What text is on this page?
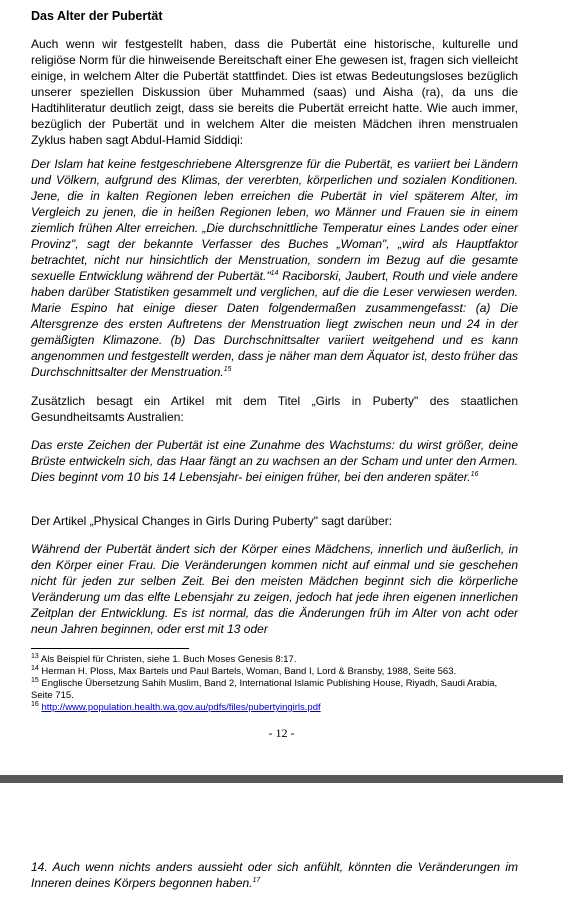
Das Alter der Pubertät

Auch wenn wir festgestellt haben, dass die Pubertät eine historische, kulturelle und religiöse Norm für die hinweisende Bereitschaft einer Ehe gewesen ist, fragen sich vielleicht einige, in welchem Alter die Pubertät stattfindet. Dies ist etwas Bedeutungsloses bezüglich unserer speziellen Diskussion über Muhammed (saas) und Aisha (ra), da uns die Hadtihliteratur deutlich zeigt, dass sie bereits die Pubertät erreicht hatte. Wie auch immer, bezüglich der Pubertät und in welchem Alter die meisten Mädchen ihren menstrualen Zyklus haben sagt Abdul-Hamid Siddiqi:

Der Islam hat keine festgeschriebene Altersgrenze für die Pubertät, es variiert bei Ländern und Völkern, aufgrund des Klimas, der vererbten, körperlichen und sozialen Konditionen. Jene, die in kalten Regionen leben erreichen die Pubertät in viel späterem Alter, im Vergleich zu jenen, die in heißen Regionen leben, wo Männer und Frauen sie in einem ziemlich frühen Alter erreichen. „Die durchschnittliche Temperatur eines Landes oder einer Provinz", sagt der bekannte Verfasser des Buches „Woman", „wird als Hauptfaktor betrachtet, nicht nur hinsichtlich der Menstruation, sondern im Bezug auf die gesamte sexuelle Entwicklung während der Pubertät."$^{14}$ Raciborski, Jaubert, Routh und viele andere haben darüber Statistiken gesammelt und verglichen, auf die die Leser verwiesen werden. Marie Espino hat einige dieser Daten folgendermaßen zusammengefasst: (a) Die Altersgrenze des ersten Auftretens der Menstruation liegt zwischen neun und 24 in der gemäßigten Klimazone. (b) Das Durchschnittsalter variiert weitgehend und es kann angenommen und festgestellt werden, dass je näher man dem Äquator ist, desto früher das Durchschnittsalter der Menstruation.$^{15}$

Zusätzlich besagt ein Artikel mit dem Titel „Girls in Puberty" des staatlichen Gesundheitsamts Australien:

Das erste Zeichen der Pubertät ist eine Zunahme des Wachstums: du wirst größer, deine Brüste entwickeln sich, das Haar fängt an zu wachsen an der Scham und unter den Armen. Dies beginnt vom 10 bis 14 Lebensjahr- bei einigen früher, bei den anderen später.$^{16}$

Der Artikel „Physical Changes in Girls During Puberty" sagt darüber:

Während der Pubertät ändert sich der Körper eines Mädchens, innerlich und äußerlich, in den Körper einer Frau. Die Veränderungen kommen nicht auf einmal und sie geschehen nicht für jeden zur selben Zeit. Bei den meisten Mädchen beginnt sich die körperliche Veränderung um das elfte Lebensjahr zu zeigen, jedoch hat jede ihren eigenen innerlichen Zeitplan der Entwicklung. Es ist normal, das die Änderungen früh im Alter von acht oder neun Jahren beginnen, oder erst mit 13 oder

$^{13}$ Als Beispiel für Christen, siehe 1. Buch Moses Genesis 8:17.

$^{14}$ Herman H. Ploss, Max Bartels und Paul Bartels, Woman, Band I, Lord & Bransby, 1988, Seite 563.

$^{15}$ Englische Übersetzung Sahih Muslim, Band 2, International Islamic Publishing House, Riyadh, Saudi Arabia, Seite 715.

$^{16}$ http://www.population.health.wa.gov.au/pdfs/files/pubertyingirls.pdf

- 12 -

14. Auch wenn nichts anders aussieht oder sich anfühlt, könnten die Veränderungen im Inneren deines Körpers begonnen haben.$^{17}$
